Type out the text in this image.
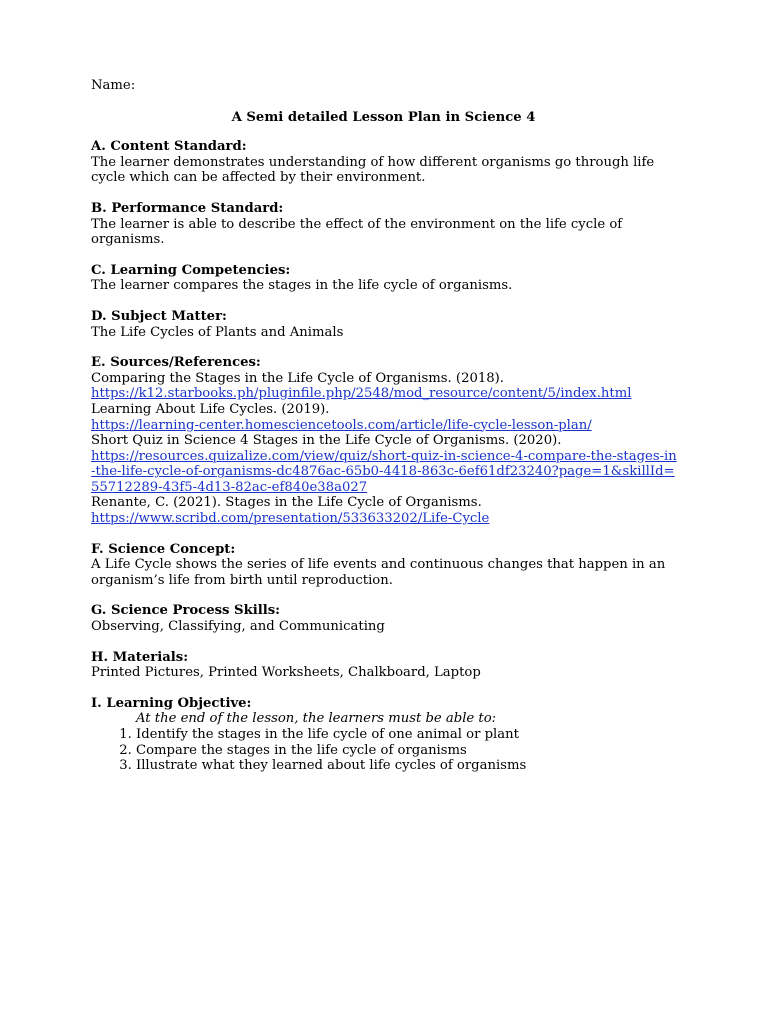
Name:
A Semi detailed Lesson Plan in Science 4
A. Content Standard:
The learner demonstrates understanding of how different organisms go through life cycle which can be affected by their environment.
B. Performance Standard:
The learner is able to describe the effect of the environment on the life cycle of organisms.
C. Learning Competencies:
The learner compares the stages in the life cycle of organisms.
D. Subject Matter:
The Life Cycles of Plants and Animals
E. Sources/References:
Comparing the Stages in the Life Cycle of Organisms. (2018).
https://k12.starbooks.ph/pluginfile.php/2548/mod_resource/content/5/index.html
Learning About Life Cycles. (2019).
https://learning-center.homesciencetools.com/article/life-cycle-lesson-plan/
Short Quiz in Science 4 Stages in the Life Cycle of Organisms. (2020).
https://resources.quizalize.com/view/quiz/short-quiz-in-science-4-compare-the-stages-in-the-life-cycle-of-organisms-dc4876ac-65b0-4418-863c-6ef61df23240?page=1&skillId=55712289-43f5-4d13-82ac-ef840e38a027
Renante, C. (2021). Stages in the Life Cycle of Organisms.
https://www.scribd.com/presentation/533633202/Life-Cycle
F. Science Concept:
A Life Cycle shows the series of life events and continuous changes that happen in an organism’s life from birth until reproduction.
G. Science Process Skills:
Observing, Classifying, and Communicating
H. Materials:
Printed Pictures, Printed Worksheets, Chalkboard, Laptop
I. Learning Objective:
At the end of the lesson, the learners must be able to:
1. Identify the stages in the life cycle of one animal or plant
2. Compare the stages in the life cycle of organisms
3. Illustrate what they learned about life cycles of organisms
